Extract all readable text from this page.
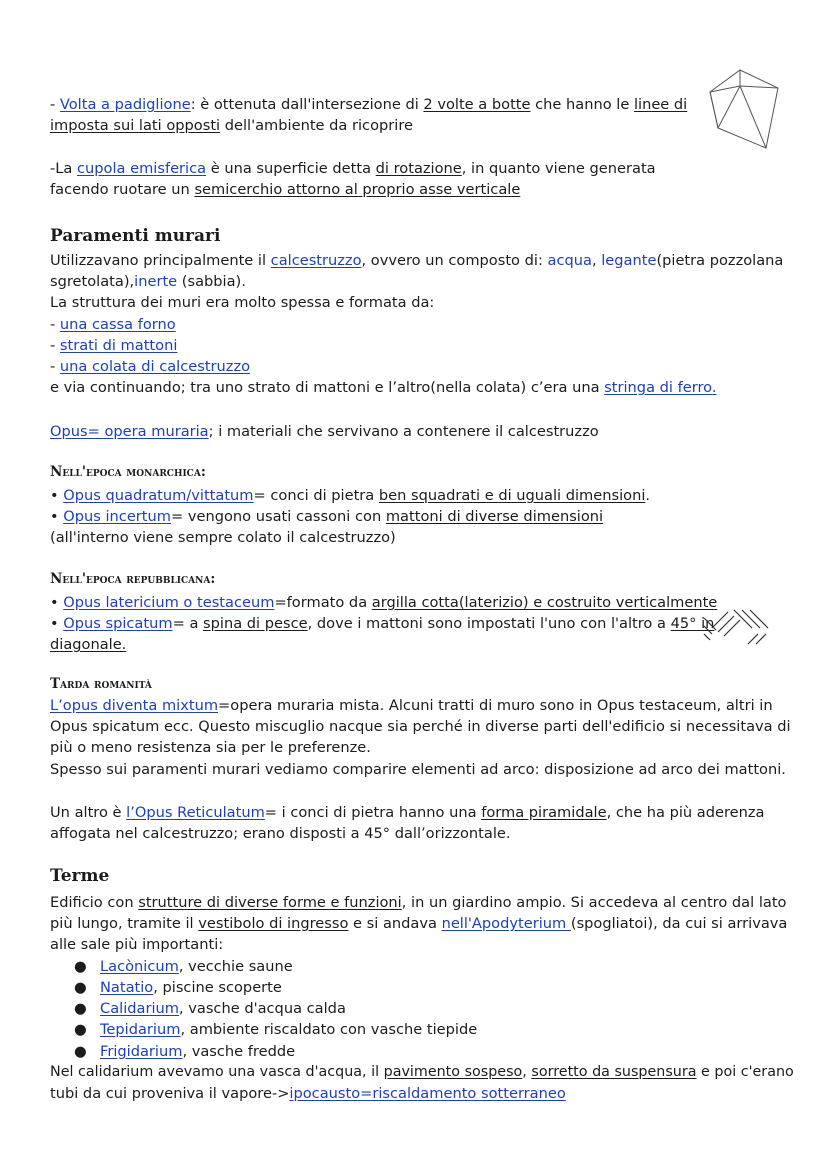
- Volta a padiglione: è ottenuta dall'intersezione di 2 volte a botte che hanno le linee di
imposta sui lati opposti dell'ambiente da ricoprire
-La cupola emisferica è una superficie detta di rotazione, in quanto viene generata
facendo ruotare un semicerchio attorno al proprio asse verticale
Paramenti murari
Utilizzavano principalmente il calcestruzzo, ovvero un composto di: acqua, legante(pietra pozzolana
sgretolata),inerte (sabbia).
La struttura dei muri era molto spessa e formata da:
- una cassa forno
- strati di mattoni
- una colata di calcestruzzo
e via continuando; tra uno strato di mattoni e l’altro(nella colata) c’era una stringa di ferro.
Opus= opera muraria; i materiali che servivano a contenere il calcestruzzo
Nell'epoca monarchica:
• Opus quadratum/vittatum= conci di pietra ben squadrati e di uguali dimensioni.
• Opus incertum= vengono usati cassoni con mattoni di diverse dimensioni
(all'interno viene sempre colato il calcestruzzo)
Nell'epoca repubblicana:
• Opus latericium o testaceum=formato da argilla cotta(laterizio) e costruito verticalmente
• Opus spicatum= a spina di pesce, dove i mattoni sono impostati l'uno con l'altro a 45° in
diagonale.
Tarda romanità
L’opus diventa mixtum=opera muraria mista. Alcuni tratti di muro sono in Opus testaceum, altri in
Opus spicatum ecc. Questo miscuglio nacque sia perché in diverse parti dell'edificio si necessitava di
più o meno resistenza sia per le preferenze.
Spesso sui paramenti murari vediamo comparire elementi ad arco: disposizione ad arco dei mattoni.
Un altro è l’Opus Reticulatum= i conci di pietra hanno una forma piramidale, che ha più aderenza
affogata nel calcestruzzo; erano disposti a 45° dall’orizzontale.
Terme
Edificio con strutture di diverse forme e funzioni, in un giardino ampio. Si accedeva al centro dal lato
più lungo, tramite il vestibolo di ingresso e si andava nell'Apodyterium (spogliatoi), da cui si arrivava
alle sale più importanti:
● Lacònicum, vecchie saune
● Natatio, piscine scoperte
● Calidarium, vasche d'acqua calda
● Tepidarium, ambiente riscaldato con vasche tiepide
● Frigidarium, vasche fredde
Nel calidarium avevamo una vasca d'acqua, il pavimento sospeso, sorretto da suspensura e poi c'erano
tubi da cui proveniva il vapore->ipocausto=riscaldamento sotterraneo
